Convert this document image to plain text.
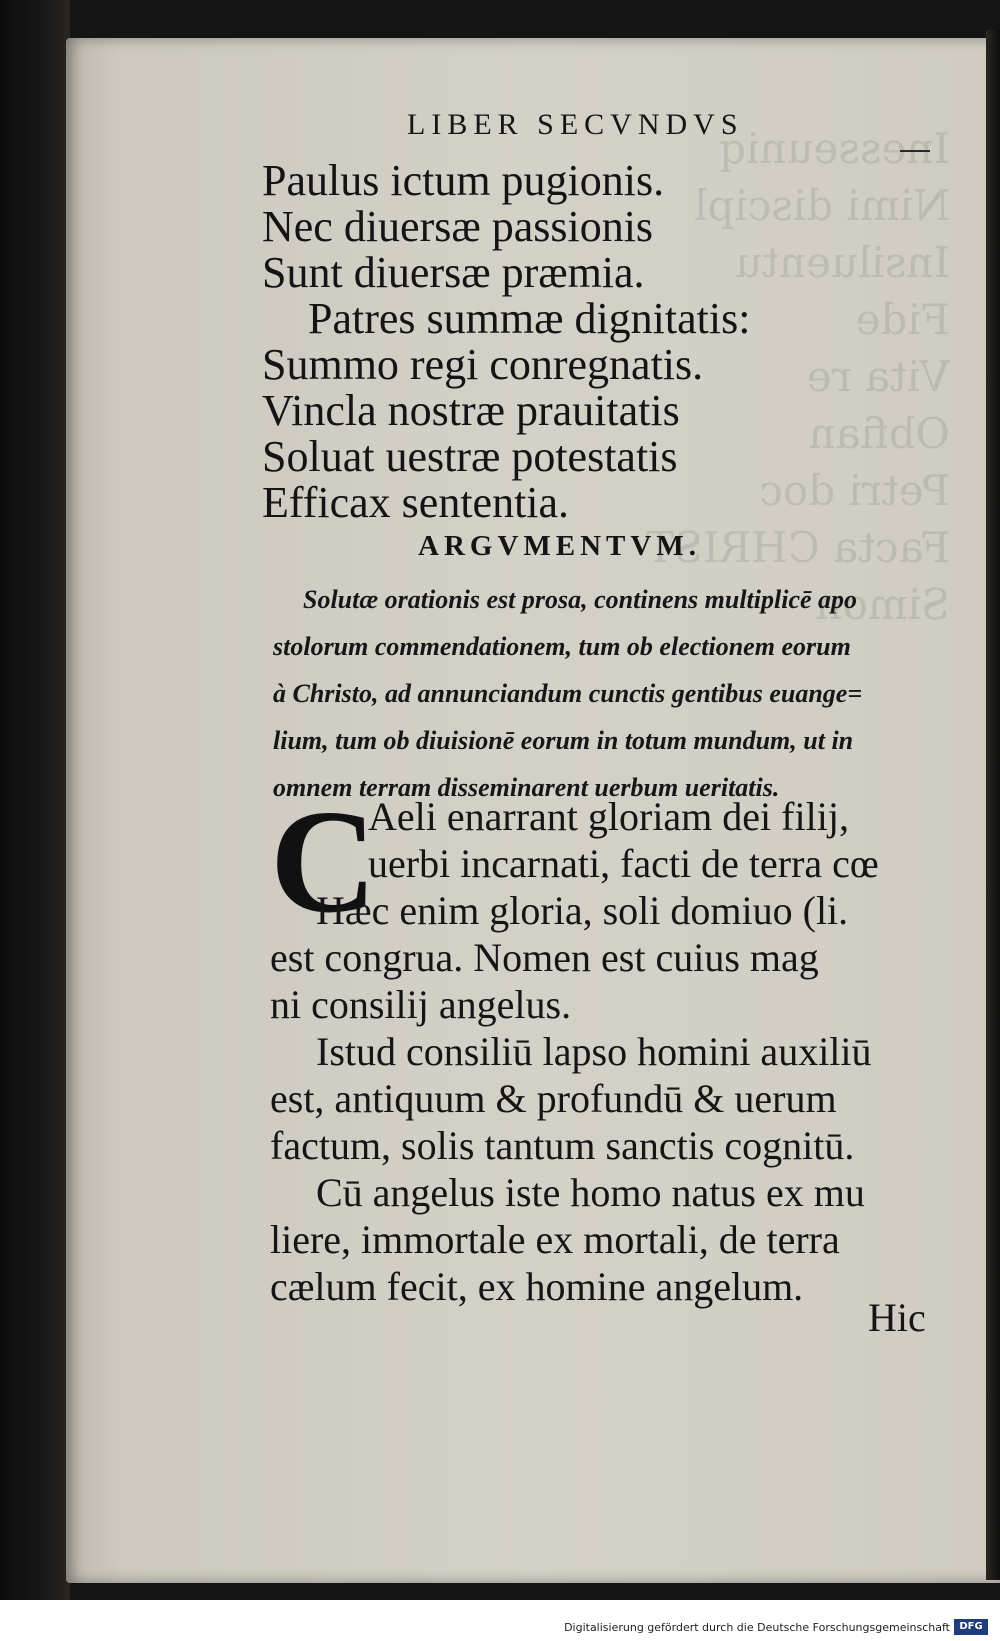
LIBER SECVNDVS
Paulus ictum pugionis.
Nec diuersæ passionis
Sunt diuersæ præmia.
Patres summæ dignitatis:
Summo regi conregnatis.
Vincla nostræ prauitatis
Soluat uestræ potestatis
Efficax sententia.
ARGVMENTVM.
Solutæ orationis est prosa, continens multiplicē apo
stolorum commendationem, tum ob electionem eorum
à Christo, ad annunciandum cunctis gentibus euange=
lium, tum ob diuisionē eorum in totum mundum, ut in
omnem terram disseminarent uerbum ueritatis.
C
Aeli enarrant gloriam dei filij,
uerbi incarnati, facti de terra cœ
Hæc enim gloria, soli domiuo (li.
est congrua. Nomen est cuius mag
ni consilij angelus.
Istud consiliū lapso homini auxiliū
est, antiquum & profundū & uerum
factum, solis tantum sanctis cognitū.
Cū angelus iste homo natus ex mu
liere, immortale ex mortali, de terra
cælum fecit, ex homine angelum.
Hic
Digitalisierung gefördert durch die Deutsche Forschungsgemeinschaft DFG
